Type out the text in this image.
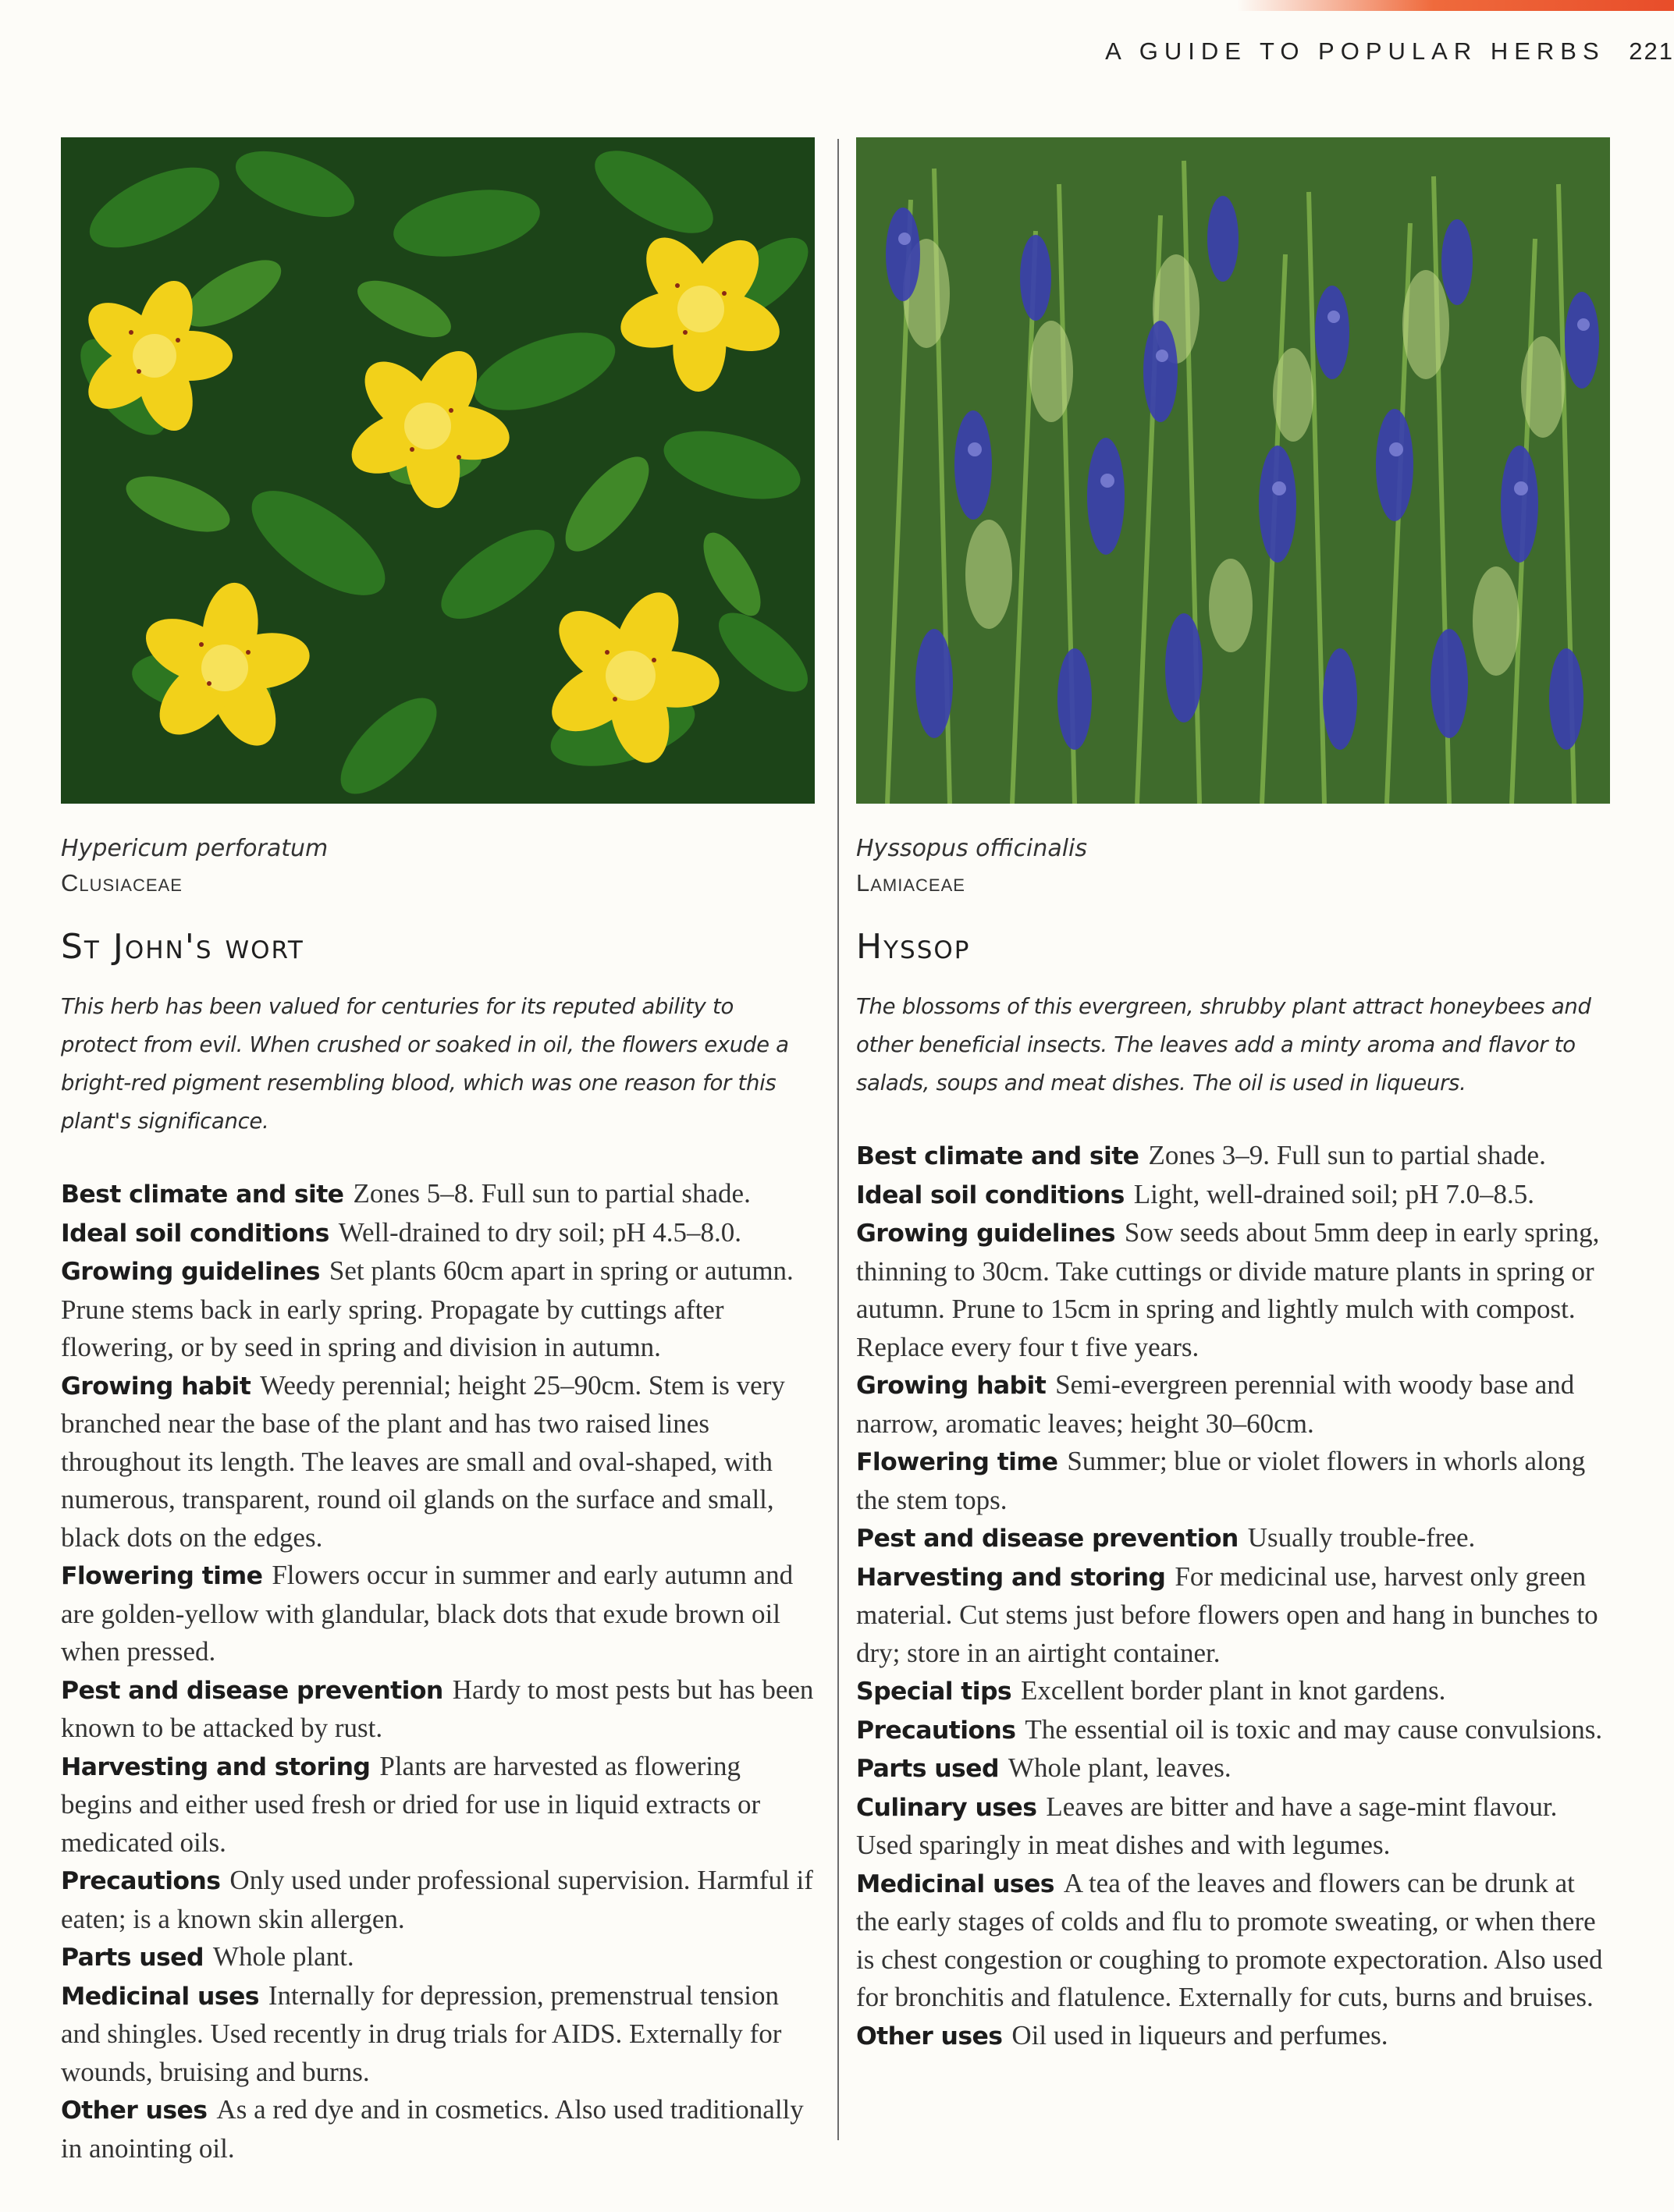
A GUIDE TO POPULAR HERBS 221
Hypericum perforatum
Clusiaceae
St John's wort
This herb has been valued for centuries for its reputed ability to protect from evil. When crushed or soaked in oil, the flowers exude a bright-red pigment resembling blood, which was one reason for this plant's significance.
Best climate and site Zones 5–8. Full sun to partial shade.
Ideal soil conditions Well-drained to dry soil; pH 4.5–8.0.
Growing guidelines Set plants 60cm apart in spring or autumn. Prune stems back in early spring. Propagate by cuttings after flowering, or by seed in spring and division in autumn.
Growing habit Weedy perennial; height 25–90cm. Stem is very branched near the base of the plant and has two raised lines throughout its length. The leaves are small and oval-shaped, with numerous, transparent, round oil glands on the surface and small, black dots on the edges.
Flowering time Flowers occur in summer and early autumn and are golden-yellow with glandular, black dots that exude brown oil when pressed.
Pest and disease prevention Hardy to most pests but has been known to be attacked by rust.
Harvesting and storing Plants are harvested as flowering begins and either used fresh or dried for use in liquid extracts or medicated oils.
Precautions Only used under professional supervision. Harmful if eaten; is a known skin allergen.
Parts used Whole plant.
Medicinal uses Internally for depression, premenstrual tension and shingles. Used recently in drug trials for AIDS. Externally for wounds, bruising and burns.
Other uses As a red dye and in cosmetics. Also used traditionally in anointing oil.
Hyssopus officinalis
Lamiaceae
Hyssop
The blossoms of this evergreen, shrubby plant attract honeybees and other beneficial insects. The leaves add a minty aroma and flavor to salads, soups and meat dishes. The oil is used in liqueurs.
Best climate and site Zones 3–9. Full sun to partial shade.
Ideal soil conditions Light, well-drained soil; pH 7.0–8.5.
Growing guidelines Sow seeds about 5mm deep in early spring, thinning to 30cm. Take cuttings or divide mature plants in spring or autumn. Prune to 15cm in spring and lightly mulch with compost. Replace every four t five years.
Growing habit Semi-evergreen perennial with woody base and narrow, aromatic leaves; height 30–60cm.
Flowering time Summer; blue or violet flowers in whorls along the stem tops.
Pest and disease prevention Usually trouble-free.
Harvesting and storing For medicinal use, harvest only green material. Cut stems just before flowers open and hang in bunches to dry; store in an airtight container.
Special tips Excellent border plant in knot gardens.
Precautions The essential oil is toxic and may cause convulsions.
Parts used Whole plant, leaves.
Culinary uses Leaves are bitter and have a sage-mint flavour. Used sparingly in meat dishes and with legumes.
Medicinal uses A tea of the leaves and flowers can be drunk at the early stages of colds and flu to promote sweating, or when there is chest congestion or coughing to promote expectoration. Also used for bronchitis and flatulence. Externally for cuts, burns and bruises.
Other uses Oil used in liqueurs and perfumes.
